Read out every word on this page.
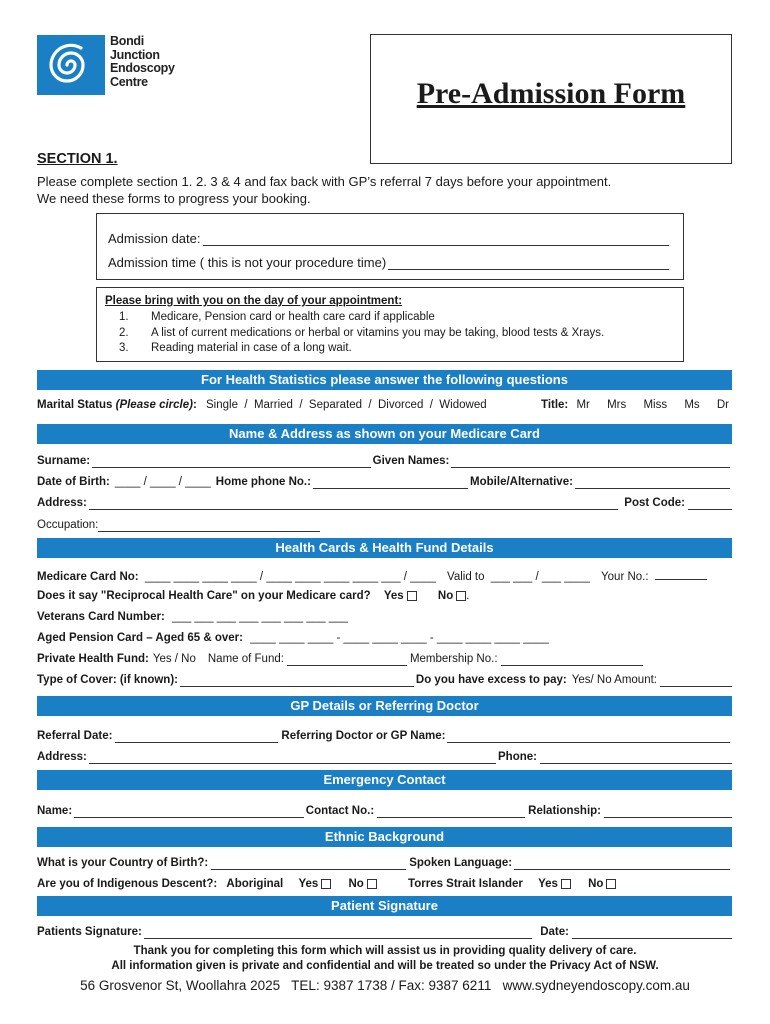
Bondi
Junction
Endoscopy
Centre	Pre-Admission Form
SECTION 1.
Please complete section 1. 2. 3 & 4 and fax back with GP’s referral 7 days before your appointment.
We need these forms to progress your booking.
Admission date:
Admission time ( this is not your procedure time)
Please bring with you on the day of your appointment:
1. Medicare, Pension card or health care card if applicable
2. A list of current medications or herbal or vitamins you may be taking, blood tests & Xrays.
3. Reading material in case of a long wait.
For Health Statistics please answer the following questions
Marital Status (Please circle): Single  /  Married  /  Separated  /  Divorced  /  Widowed	Title: Mr Mrs Miss Ms Dr
Name & Address as shown on your Medicare Card
Surname:	Given Names:
Date of Birth: ____ / ____ / ____ Home phone No.:	Mobile/Alternative:
Address:	Post Code:
Occupation:
Health Cards & Health Fund Details
Medicare Card No: ____ ____ ____ ____ / ____ ____ ____ ____ ___ / ____ Valid to ___ ___ / ___ ____ Your No.:
Does it say "Reciprocal Health Care" on your Medicare card? Yes	No .
Veterans Card Number: ___ ___ ___ ___ ___ ___ ___ ___
Aged Pension Card – Aged 65 & over: ____ ____ ____ - ____ ____ ____ - ____ ____ ____ ____
Private Health Fund: Yes / No Name of Fund:	Membership No.:
Type of Cover: (if known):	Do you have excess to pay: Yes/ No Amount:
GP Details or Referring Doctor
Referral Date:	Referring Doctor or GP Name:
Address:	Phone:
Emergency Contact
Name:	Contact No.:	Relationship:
Ethnic Background
What is your Country of Birth?:	Spoken Language:
Are you of Indigenous Descent?: Aboriginal Yes	No	Torres Strait Islander Yes	No
Patient Signature
Patients Signature:	Date:
Thank you for completing this form which will assist us in providing quality delivery of care.
All information given is private and confidential and will be treated so under the Privacy Act of NSW.
56 Grosvenor St, Woollahra 2025   TEL: 9387 1738 / Fax: 9387 6211   www.sydneyendoscopy.com.au
